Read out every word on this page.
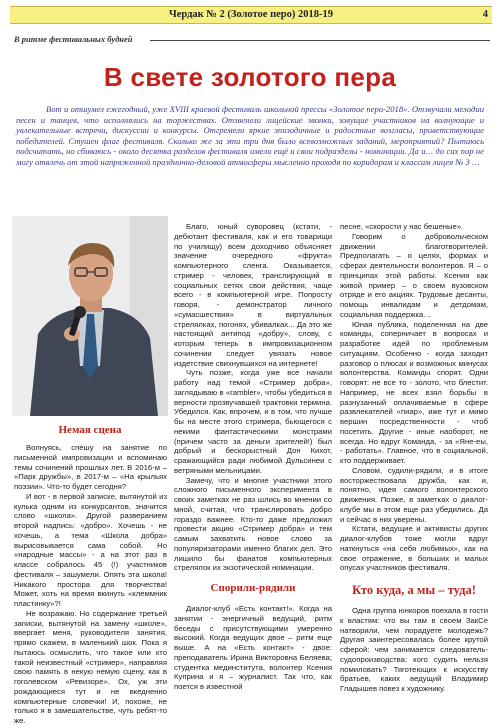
Чердак № 2 (Золотое перо) 2018-19	4
В ритме фестивальных будней
В свете золотого пера

Вот и отшумел ежегодный, уже XVIII краевой фестиваль школьной прессы «Золотое перо-2018». Отзвучали мелодии песен и танцев, что исполнялись на торжествах. Отзвенели лицейские звонки, зовущие участников на волнующие и увлекательные встречи, дискуссии и конкурсы. Отгремели яркие эпизодичные и радостные возгласы, приветствующие победителей. Стушен флаг фестиваля. Сколько же за эти три дня было всевозможных заданий, мероприятий? Пытаюсь подсчитать, но сбиваюсь - около десятка разделов фестиваля имели ещё и свои подразделы - номинации. Да и… до сих пор не могу отвлечь от этой напряженной праздничнo-деловой атмосферы мысленно проходя по коридорам и классам лицея № 3 …

Немая сцена

Волнуясь, спешу на занятие по письменной импровизации и вспоминаю темы сочинений прошлых лет. В 2016-м – «Парк дружбы», в 2017-м – «На крыльях поэзии». Что-то будет сегодня?

И вот - в первой записке, вытянутой из кулька одним из конкурсантов, значится слово «школа». Другой разверанием второй надпись: «добро». Хочешь - не хочешь, а тема «Школа добра» вырисовывается сама собой. Но «народные массы» - а на этот раз в классе собралось 45 (!) участников фестиваля – зашумели. Опять эта школа! Никакого простора для творчества! Может, хоть на время вкинуть «клеммник пластинку»?!

Не возражаю. Но содержание третьей записки, вытянутой на замену «школе», ввергает меня, руководителя занятия, прямо скажем, в маленький шок. Пока я пытаюсь осмыслить, что такое или кто такой неизвестный «стример», направляя свою память в некую немую сцену, как в гоголевском «Ревизоре». Ох, уж эти рождающиеся тут и не вкедненно компьютерные словечки! И, похоже, не только я в замешательстве, чуть ребят-то же.

Благо, юный суворовец (кстати, - дебютант фестиваля, как и его товарищи по училищу) всем доходчиво объясняет значение очередного «фрукта» компьютерного сленга. Оказывается, стример - человек, транслирующий в социальных сетях свои действия, чаще всего - в компьютерной игре. Попросту говоря, - демонстратор личного «сумасшествия» в виртуальных стрелялках, погонях, убивалках... Да это же настоящий антипод «добру», слову, с которым теперь в импровизационном сочинении следует увязать новое издетствие свихнувшихся на интернете!

Чуть позже, когда уже все начали работу над темой «Стример добра», заглядываю в «rambler», чтобы убедиться в верности прозвучавшей трактовки термина. Убедился. Как, впрочем, и в том, что лучше бы на месте этого стримера, бьющегося с некими фантастическими монстрами (причем часто за деньги зрителей!) был добрый и бескорыстный Дон Кихот, сражающийся ради любимой Дульсинеи с ветряными мельницами.

Замечу, что и многие участники этого сложного письменного эксперимента в своих заметках не раз шлись во мнении со мной, считая, что транслировать добро гораздо важнее. Кто-то даже предложил провести акцию «Стример добра» и тем самым захватить новое слово за популяризаторами именно благих дел. Это лишило бы фанатов компьютерных стрелялок их экзотической номинации.

Спорили-рядили

Диалог-клуб «Есть контакт!». Когда на занятии - энергичный ведущий, ритм беседы с присутствующими умеренно высокий. Когда ведущих двое – ритм еще выше. А на «Есть контакт» - двое: преподаватель Ирина Викторовна Беляева; студентка мединститута, волонтер Ксения Куприна и я – журналист. Так что, как поется в известной

песне, «скорости у нас бешеные».

Говорим о добровольческом движении благотворителей. Предполагать – о целях, формах и сферах деятельности волонтеров. Я – о принципах этой работы. Ксения как живой пример – о своем вузовском отряде и его акциях. Трудовые десанты, помощь инвалидам и детдомам, социальная поддержка…

Юная публика, поделенная на две команды, соперничает в вопросах и разработке идей по проблемным ситуациям. Особенно - когда заходит разговор о плюсах и возможных минусах волонтерства. Команды спорят. Одни говорят: не все то - золото, что блестит. Например, не всех взял борьбы в разнузанный оплачиваемые в сфере развлекателей «пиар», иже тут и мимо вершин посредственности - чтоб посетить. Другие - иные наоборот, не всегда. Но вдруг Команда, - за «Яне-еы, - работать». Главное, что в социальной, кто поддерживает.

Словом, судили-рядили, и в итоге восторжествовала дружба, как и, понятно, идея самого волонтерского движения. Позже, в заметках о диалог-клубе мы в этом еще раз убедились. Да и сейчас в них уверены.

Кстати, ведущие и активисты других диалог-клубов тоже могли вдруг наткнуться «на себя любимых», как на свое отражение, в больших и малых опусах участников фестиваля.

Кто куда, а мы – туда!

Одна группа юнкоров поехала в гости к властям: что вы там в своем ЗакСе натворили, чем порадуете молодежь? Другая заинтересовалась более крутой сферой: чем занимается следователь-судопроизводства: кого судить нельзя помиловать? Тяготеющих к искусству братьев, каких ведущий Владимир Гладышев повез к художнику.
